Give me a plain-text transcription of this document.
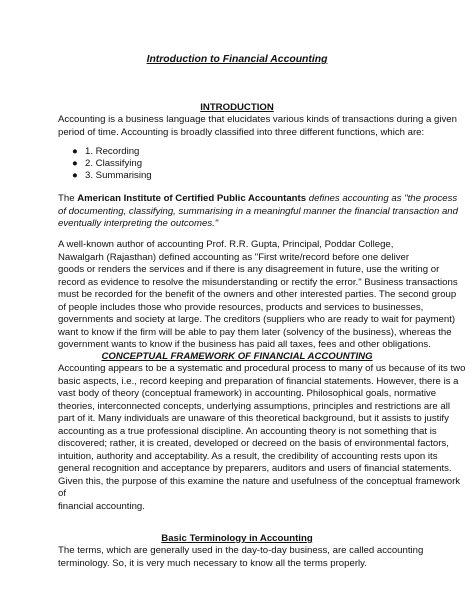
Introduction to Financial Accounting
INTRODUCTION
Accounting is a business language that elucidates various kinds of transactions during a given
period of time. Accounting is broadly classified into three different functions, which are:
● 1. Recording
● 2. Classifying
● 3. Summarising
The American Institute of Certified Public Accountants defines accounting as "the process
of documenting, classifying, summarising in a meaningful manner the financial transaction and
eventually interpreting the outcomes."
A well-known author of accounting Prof. R.R. Gupta, Principal, Poddar College,
Nawalgarh (Rajasthan) defined accounting as "First write/record before one deliver
goods or renders the services and if there is any disagreement in future, use the writing or
record as evidence to resolve the misunderstanding or rectify the error." Business transactions
must be recorded for the benefit of the owners and other interested parties. The second group
of people includes those who provide resources, products and services to businesses,
governments and society at large. The creditors (suppliers who are ready to wait for payment)
want to know if the firm will be able to pay them later (solvency of the business), whereas the
government wants to know if the business has paid all taxes, fees and other obligations.
CONCEPTUAL FRAMEWORK OF FINANCIAL ACCOUNTING
Accounting appears to be a systematic and procedural process to many of us because of its two
basic aspects, i.e., record keeping and preparation of financial statements. However, there is a
vast body of theory (conceptual framework) in accounting. Philosophical goals, normative
theories, interconnected concepts, underlying assumptions, principles and restrictions are all
part of it. Many individuals are unaware of this theoretical background, but it assists to justify
accounting as a true professional discipline. An accounting theory is not something that is
discovered; rather, it is created, developed or decreed on the basis of environmental factors,
intuition, authority and acceptability. As a result, the credibility of accounting rests upon its
general recognition and acceptance by preparers, auditors and users of financial statements.
Given this, the purpose of this examine the nature and usefulness of the conceptual framework
of
financial accounting.
Basic Terminology in Accounting
The terms, which are generally used in the day-to-day business, are called accounting
terminology. So, it is very much necessary to know all the terms properly.
